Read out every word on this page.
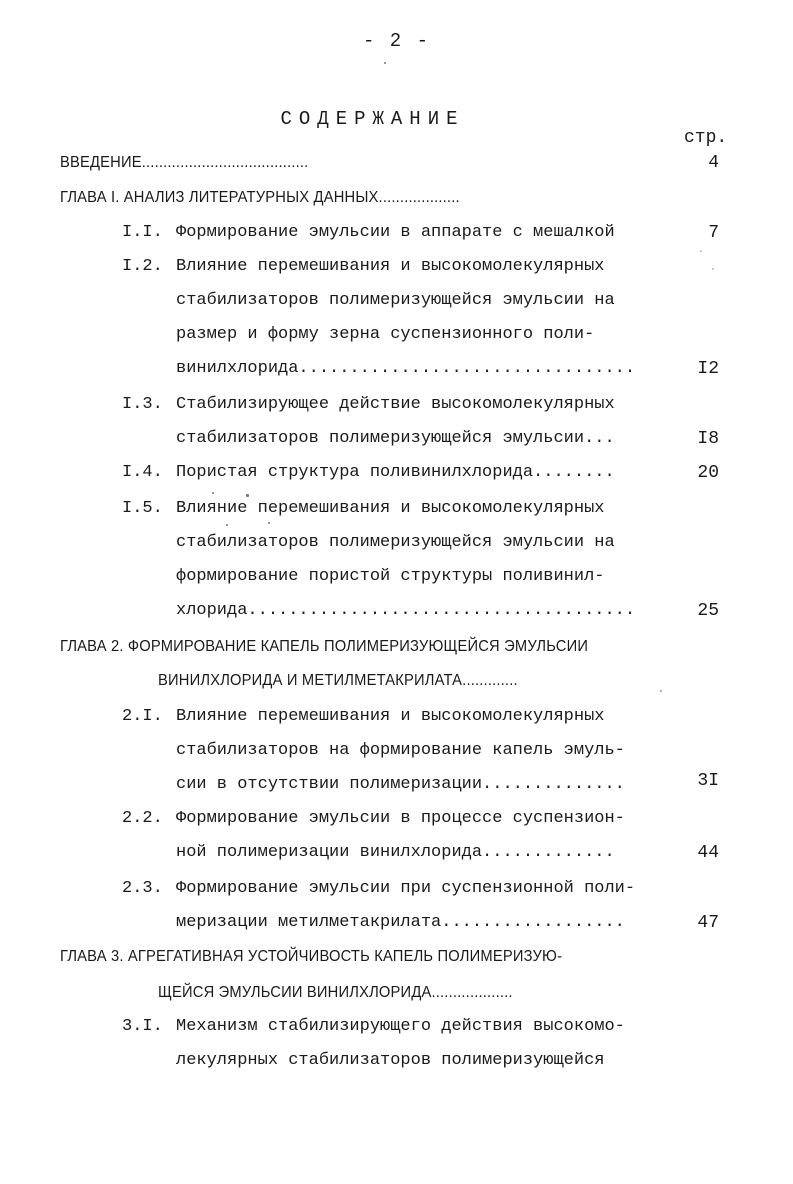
- 2 -
СОДЕРЖАНИЕ
стр.
ВВЕДЕНИЕ.......................................	4
ГЛАВА I. АНАЛИЗ ЛИТЕРАТУРНЫХ ДАННЫХ...................
I.I. Формирование эмульсии в аппарате с мешалкой	7
I.2. Влияние перемешивания и высокомолекулярных
стабилизаторов полимеризующейся эмульсии на
размер и форму зерна суспензионного поли-
винилхлорида.................................	I2
I.3. Стабилизирующее действие высокомолекулярных
стабилизаторов полимеризующейся эмульсии...	I8
I.4. Пористая структура поливинилхлорида........	20
I.5. Влияние перемешивания и высокомолекулярных
стабилизаторов полимеризующейся эмульсии на
формирование пористой структуры поливинил-
хлорида......................................	25
ГЛАВА 2. ФОРМИРОВАНИЕ КАПЕЛЬ ПОЛИМЕРИЗУЮЩЕЙСЯ ЭМУЛЬСИИ
ВИНИЛХЛОРИДА И МЕТИЛМЕТАКРИЛАТА.............
2.I. Влияние перемешивания и высокомолекулярных
стабилизаторов на формирование капель эмуль-
сии в отсутствии полимеризации..............	3I
2.2. Формирование эмульсии в процессе суспензион-
ной полимеризации винилхлорида.............	44
2.3. Формирование эмульсии при суспензионной поли-
меризации метилметакрилата..................	47
ГЛАВА 3. АГРЕГАТИВНАЯ УСТОЙЧИВОСТЬ КАПЕЛЬ ПОЛИМЕРИЗУЮ-
ЩЕЙСЯ ЭМУЛЬСИИ ВИНИЛХЛОРИДА...................
3.I. Механизм стабилизирующего действия высокомо-
лекулярных стабилизаторов полимеризующейся
